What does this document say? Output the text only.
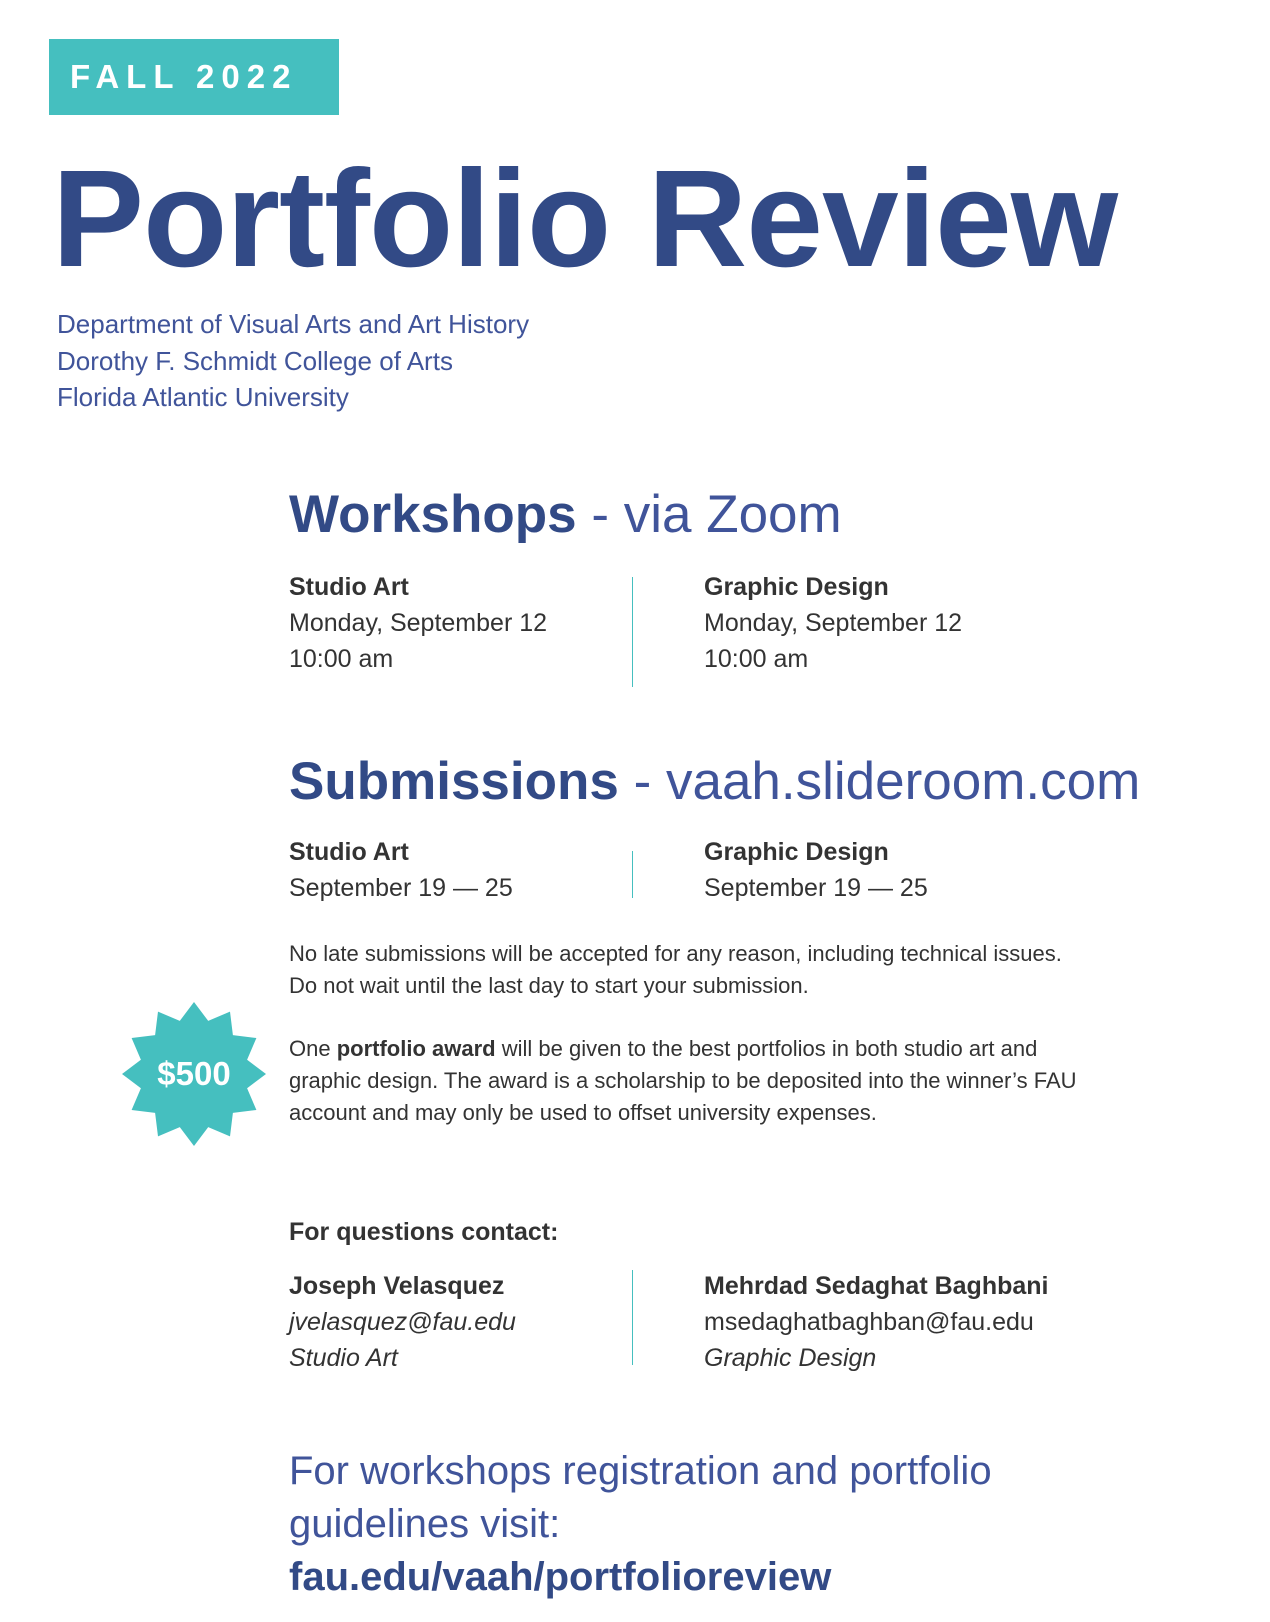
FALL 2022
Portfolio Review
Department of Visual Arts and Art History
Dorothy F. Schmidt College of Arts
Florida Atlantic University
Workshops - via Zoom
Studio Art
Monday, September 12
10:00 am
Graphic Design
Monday, September 12
10:00 am
Submissions - vaah.slideroom.com
Studio Art
September 19 — 25
Graphic Design
September 19 — 25
No late submissions will be accepted for any reason, including technical issues.
Do not wait until the last day to start your submission.
$500
One portfolio award will be given to the best portfolios in both studio art and
graphic design. The award is a scholarship to be deposited into the winner’s FAU
account and may only be used to offset university expenses.
For questions contact:
Joseph Velasquez
jvelasquez@fau.edu
Studio Art
Mehrdad Sedaghat Baghbani
msedaghatbaghban@fau.edu
Graphic Design
For workshops registration and portfolio
guidelines visit:
fau.edu/vaah/portfolioreview
